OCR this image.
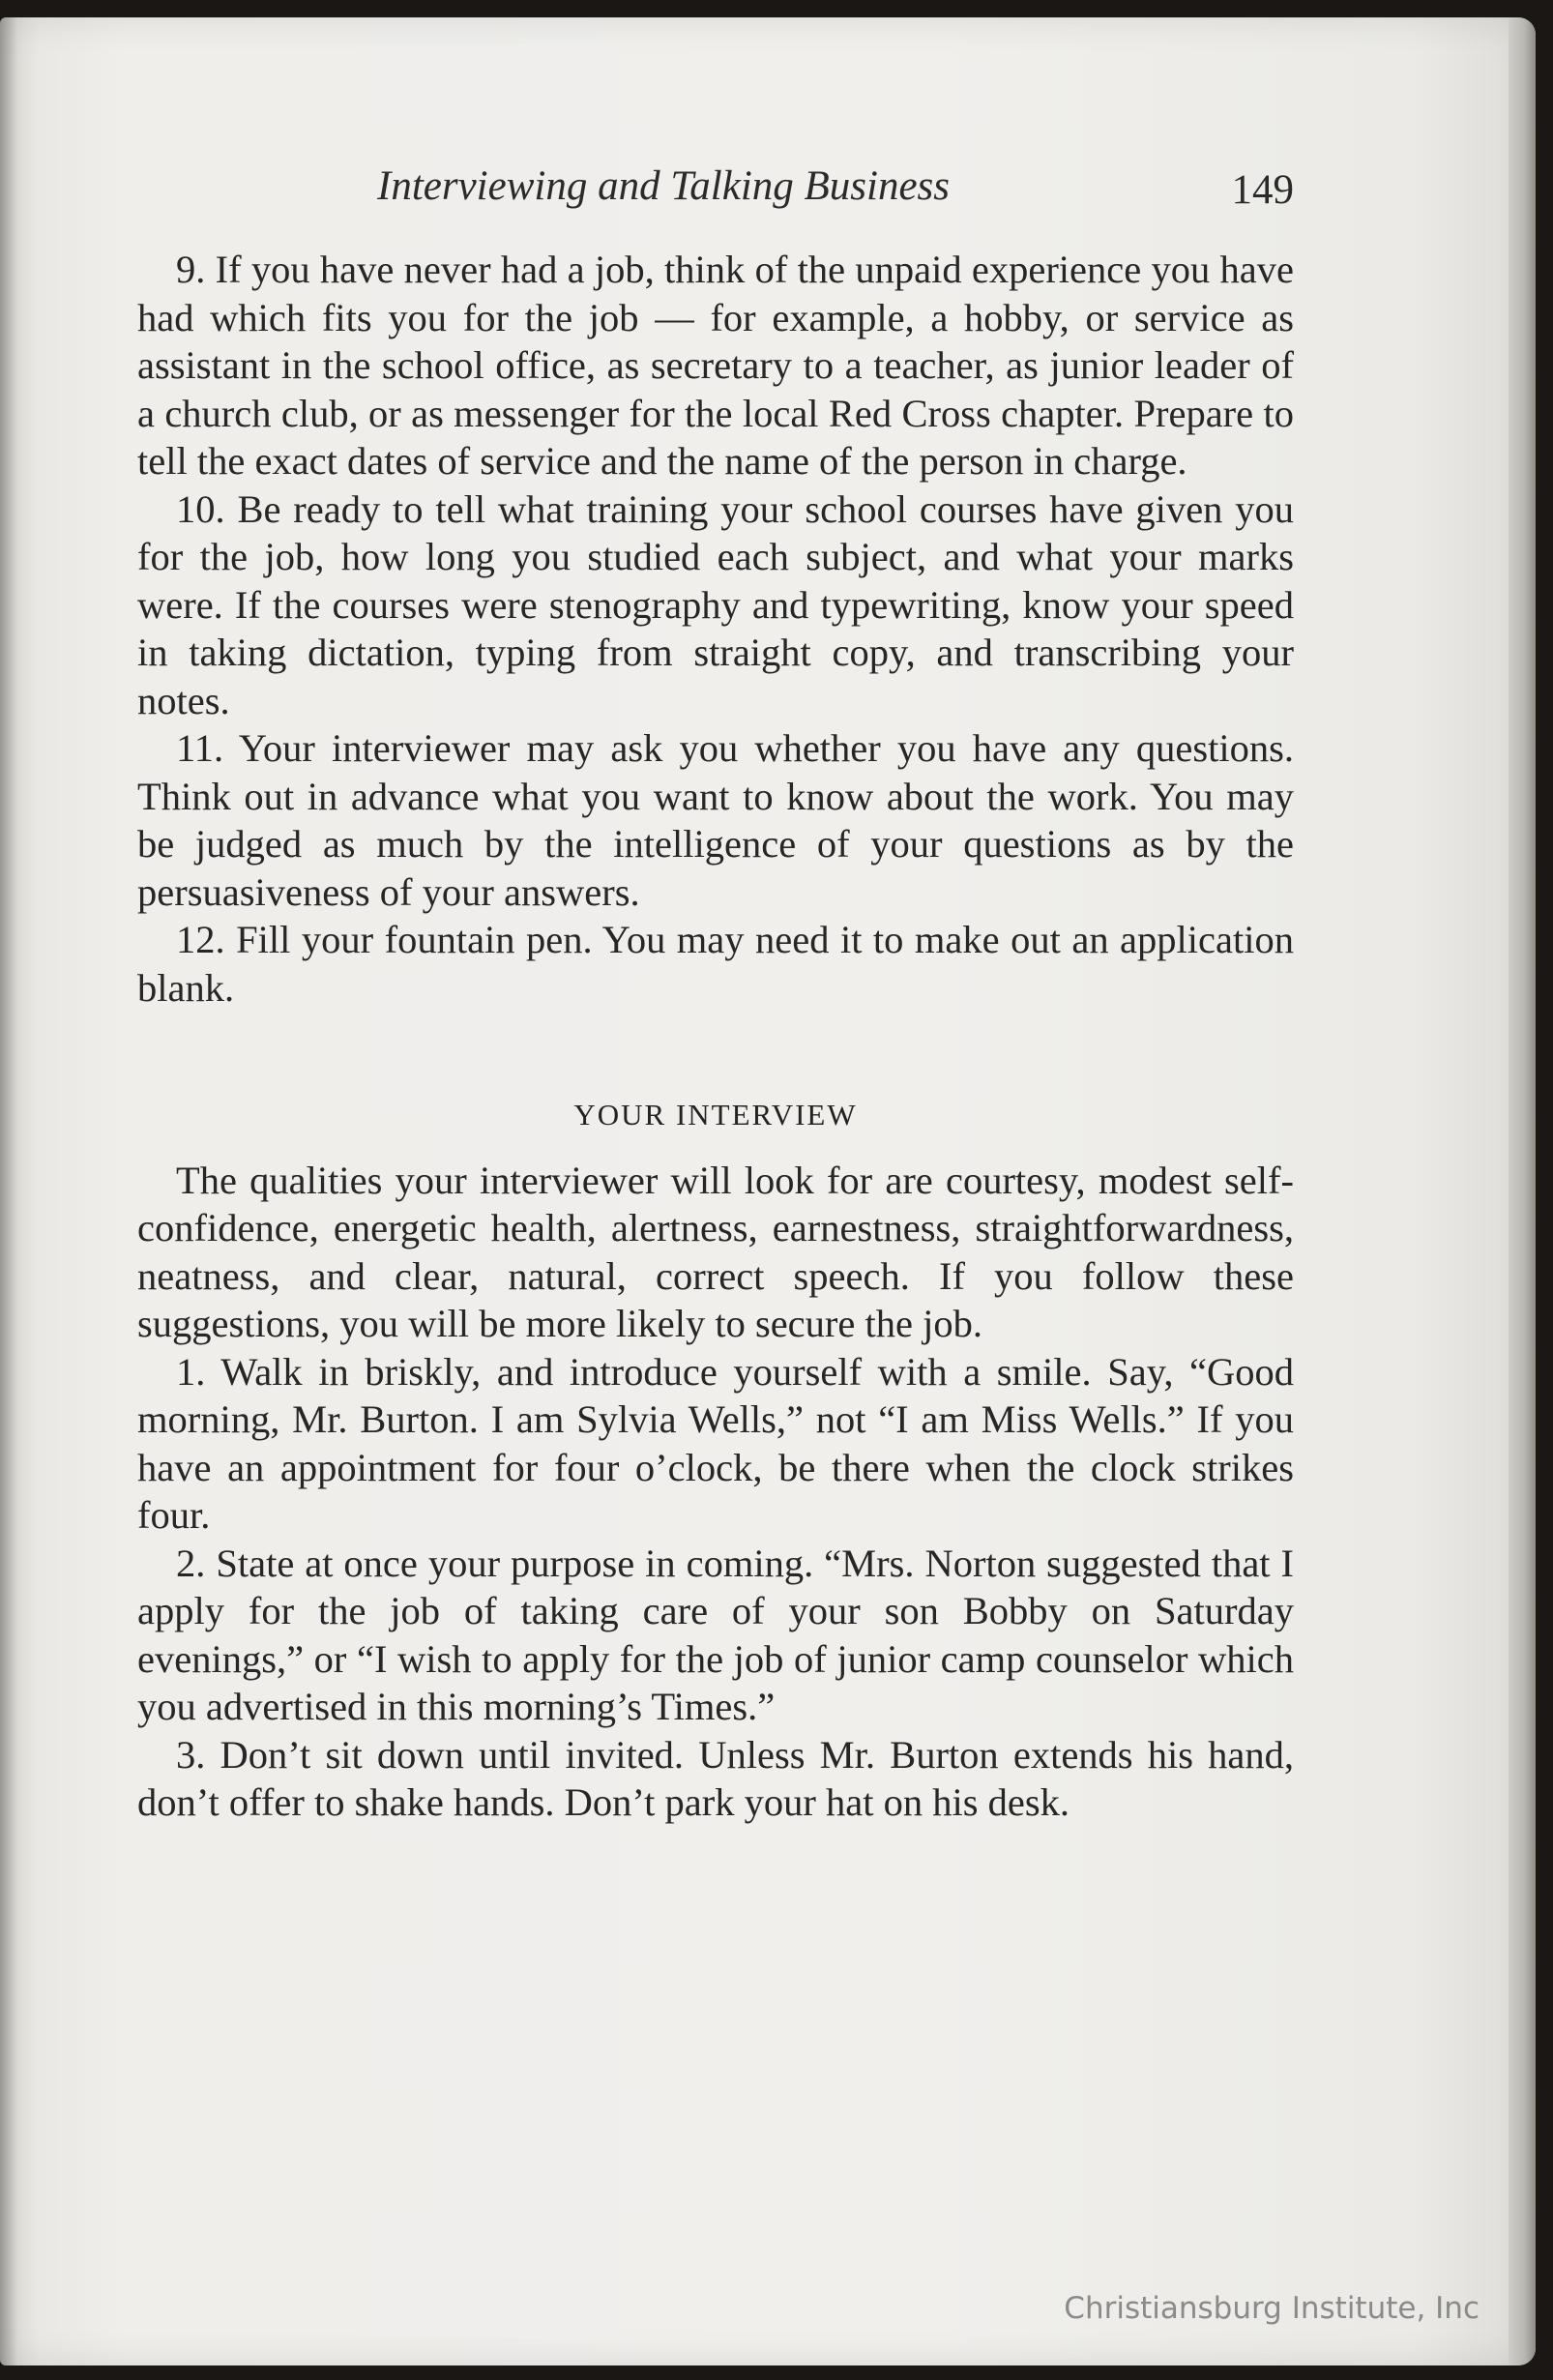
Interviewing and Talking Business	149

9. If you have never had a job, think of the unpaid experience you have had which fits you for the job — for example, a hobby, or service as assistant in the school office, as secretary to a teacher, as junior leader of a church club, or as messenger for the local Red Cross chapter. Prepare to tell the exact dates of service and the name of the person in charge.

10. Be ready to tell what training your school courses have given you for the job, how long you studied each subject, and what your marks were. If the courses were stenography and typewriting, know your speed in taking dictation, typing from straight copy, and transcribing your notes.

11. Your interviewer may ask you whether you have any questions. Think out in advance what you want to know about the work. You may be judged as much by the intelligence of your questions as by the persuasiveness of your answers.

12. Fill your fountain pen. You may need it to make out an application blank.

YOUR INTERVIEW

The qualities your interviewer will look for are courtesy, modest self-confidence, energetic health, alertness, earnestness, straightforwardness, neatness, and clear, natural, correct speech. If you follow these suggestions, you will be more likely to secure the job.

1. Walk in briskly, and introduce yourself with a smile. Say, “Good morning, Mr. Burton. I am Sylvia Wells,” not “I am Miss Wells.” If you have an appointment for four o’clock, be there when the clock strikes four.

2. State at once your purpose in coming. “Mrs. Norton suggested that I apply for the job of taking care of your son Bobby on Saturday evenings,” or “I wish to apply for the job of junior camp counselor which you advertised in this morning’s Times.”

3. Don’t sit down until invited. Unless Mr. Burton extends his hand, don’t offer to shake hands. Don’t park your hat on his desk.

Christiansburg Institute, Inc
